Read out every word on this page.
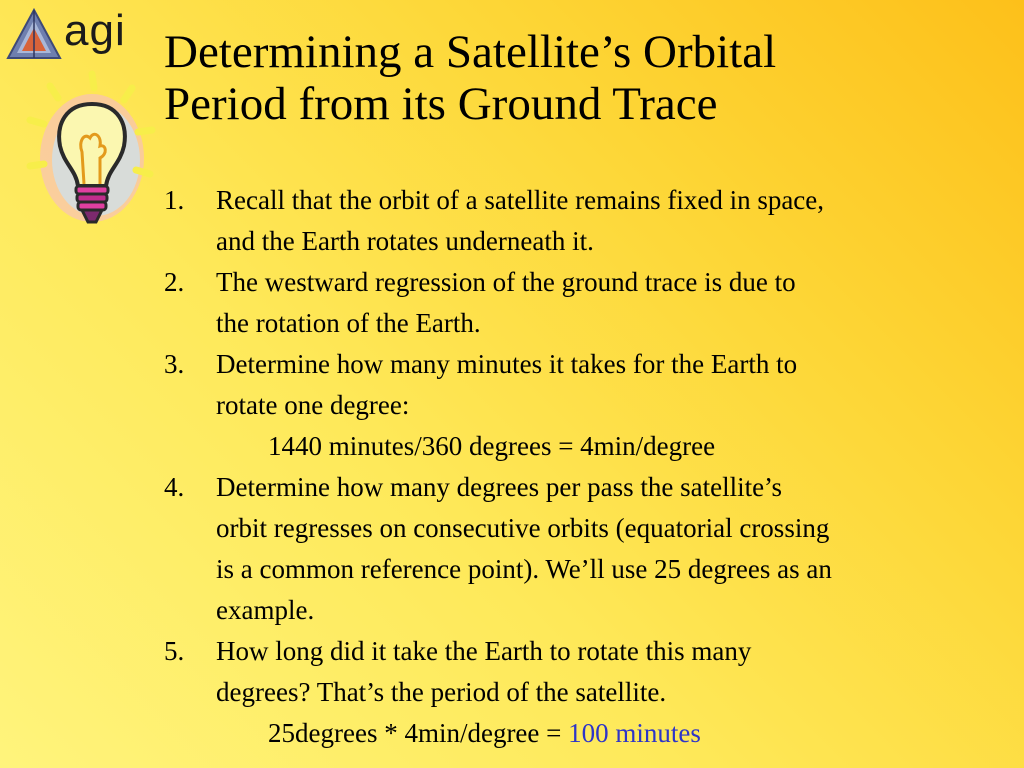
agi Determining a Satellite’s Orbital
Period from its Ground Trace
1. Recall that the orbit of a satellite remains fixed in space,
and the Earth rotates underneath it.
2. The westward regression of the ground trace is due to
the rotation of the Earth.
3. Determine how many minutes it takes for the Earth to
rotate one degree:
1440 minutes/360 degrees = 4min/degree
4. Determine how many degrees per pass the satellite’s
orbit regresses on consecutive orbits (equatorial crossing
is a common reference point). We’ll use 25 degrees as an
example.
5. How long did it take the Earth to rotate this many
degrees? That’s the period of the satellite.
25degrees * 4min/degree = 100 minutes
